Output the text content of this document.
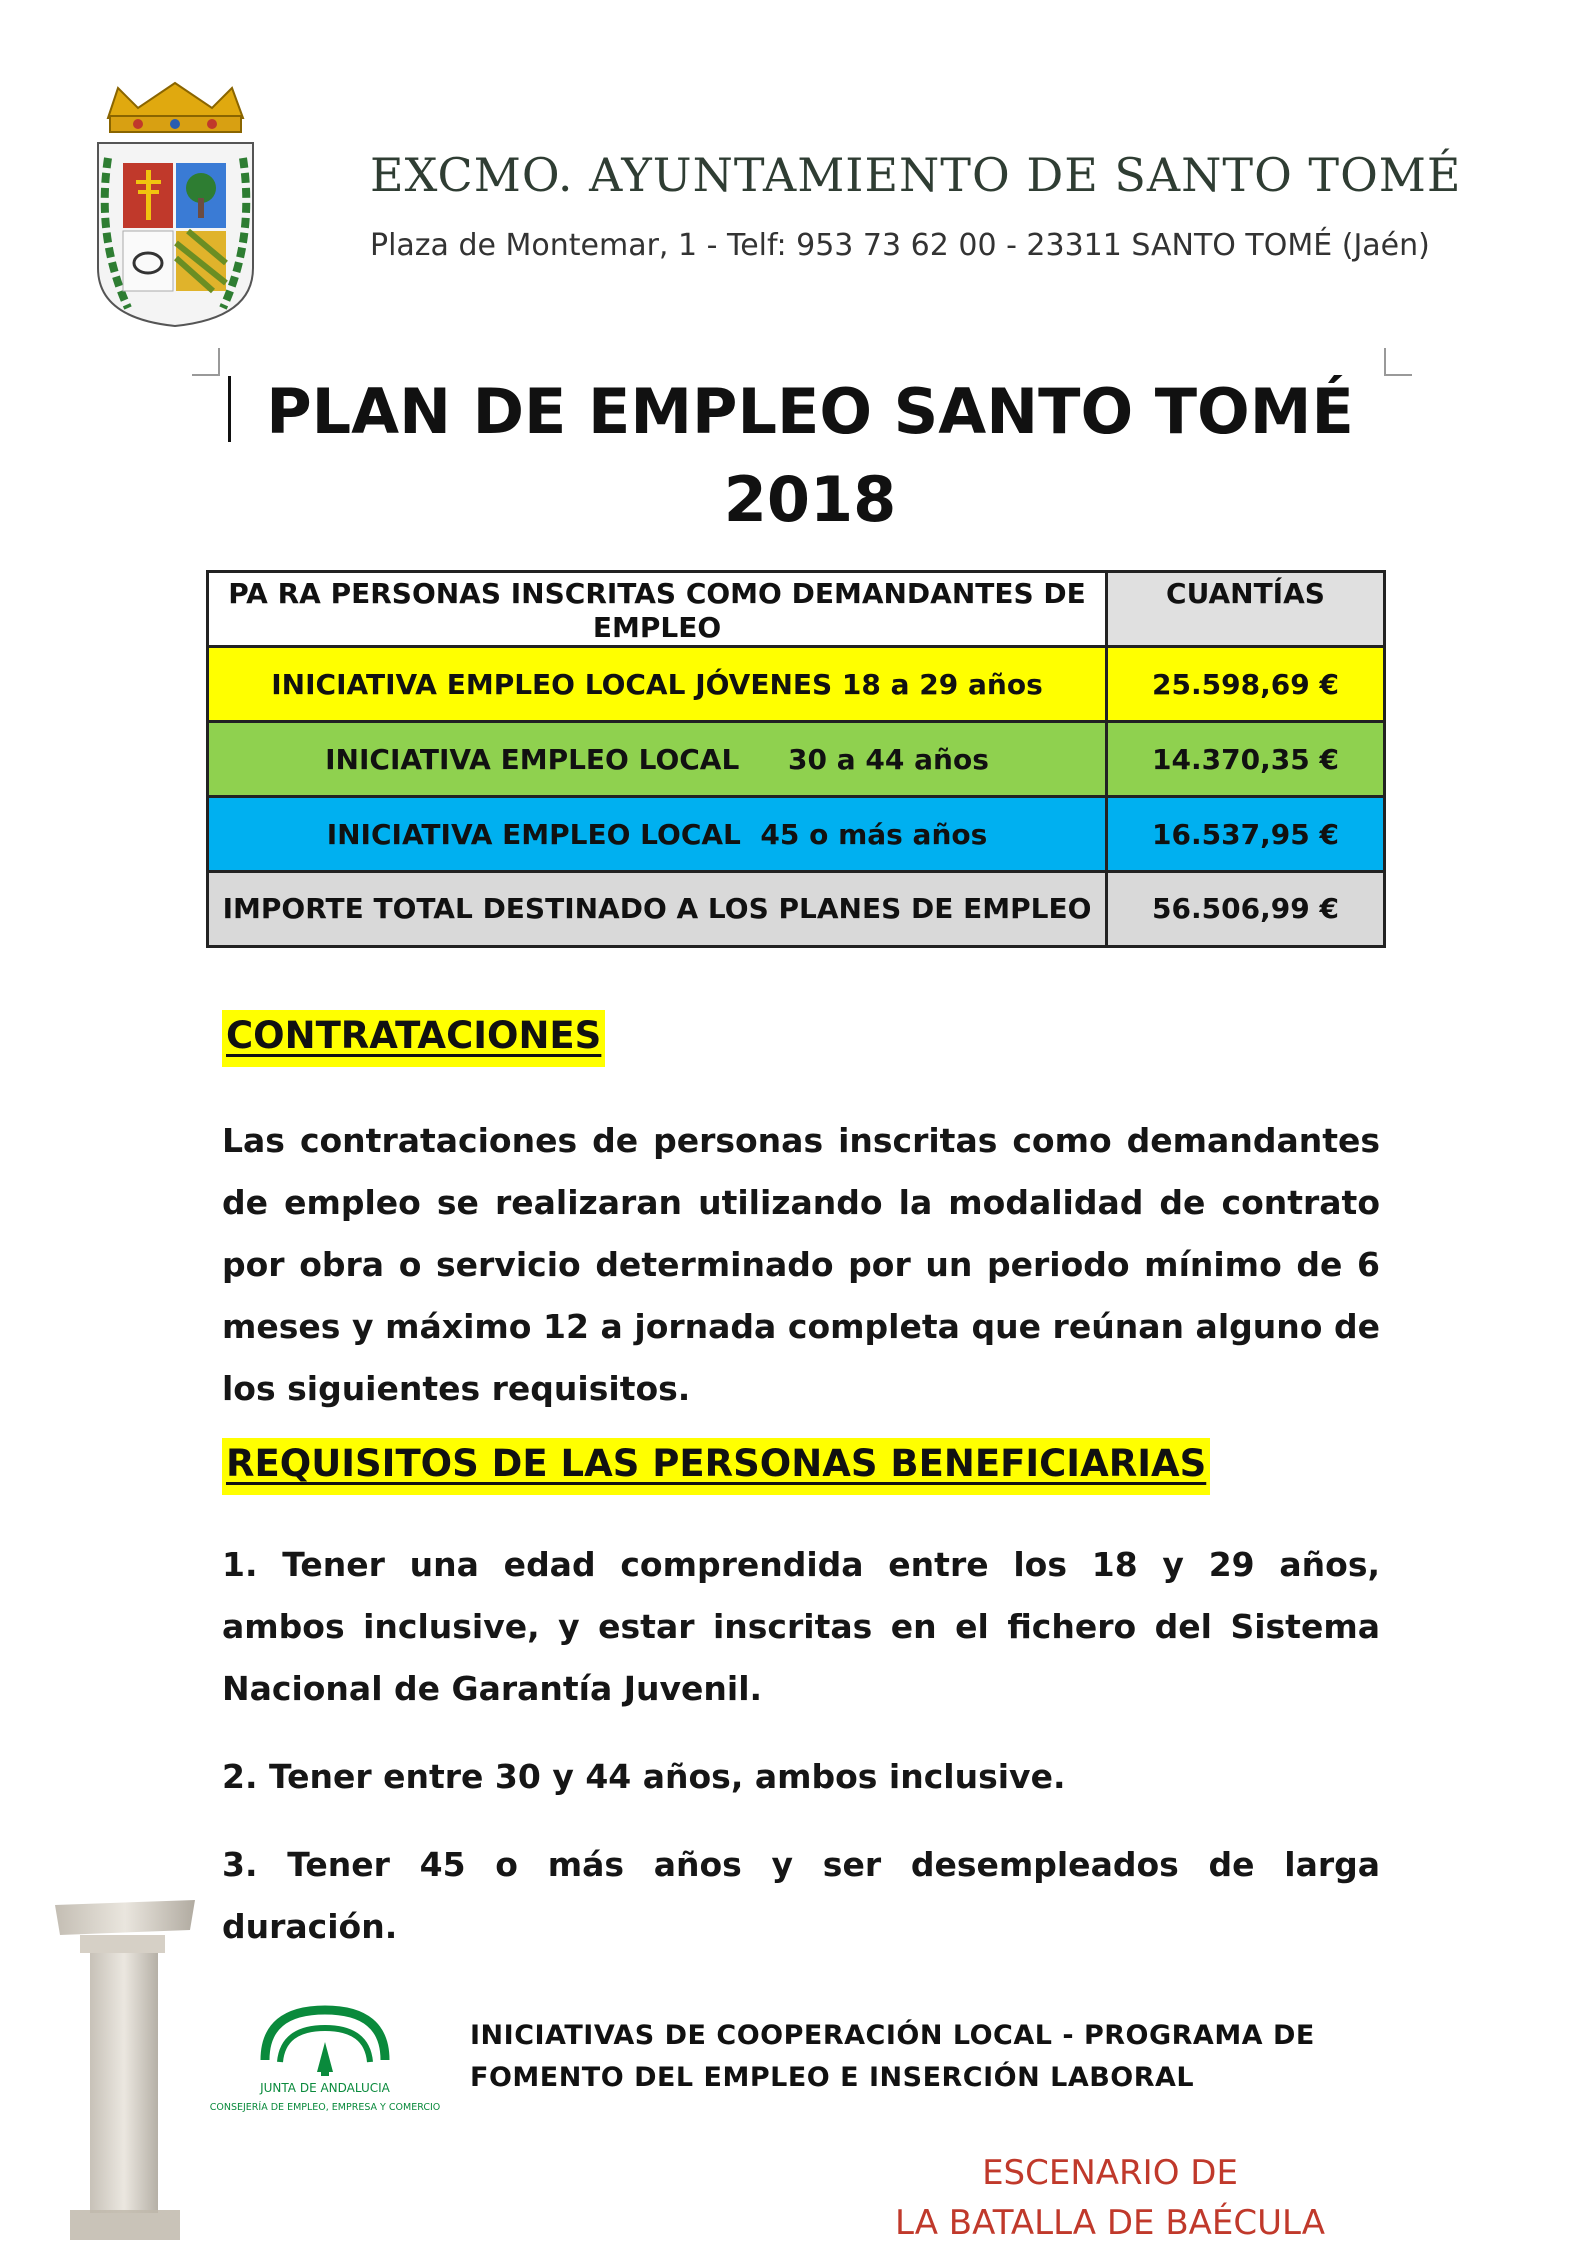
EXCMO. AYUNTAMIENTO DE SANTO TOMÉ
Plaza de Montemar, 1 - Telf: 953 73 62 00 - 23311 SANTO TOMÉ (Jaén)
PLAN DE EMPLEO SANTO TOMÉ
2018
PA RA PERSONAS INSCRITAS COMO DEMANDANTES DE EMPLEO	CUANTÍAS
INICIATIVA EMPLEO LOCAL JÓVENES 18 a 29 años	25.598,69 €
INICIATIVA EMPLEO LOCAL     30 a 44 años	14.370,35 €
INICIATIVA EMPLEO LOCAL  45 o más años	16.537,95 €
IMPORTE TOTAL DESTINADO A LOS PLANES DE EMPLEO	56.506,99 €
CONTRATACIONES
Las contrataciones de personas inscritas como demandantes de empleo se realizaran utilizando la modalidad de contrato por obra o servicio determinado por un periodo mínimo de 6 meses y máximo 12 a jornada completa que reúnan alguno de los siguientes requisitos.
REQUISITOS DE LAS PERSONAS BENEFICIARIAS
1. Tener una edad comprendida entre los 18 y 29 años, ambos inclusive, y estar inscritas en el fichero del Sistema Nacional de Garantía Juvenil.
2. Tener entre 30 y 44 años, ambos inclusive.
3. Tener 45 o más años y ser desempleados de larga duración.
JUNTA DE ANDALUCIA
CONSEJERÍA DE EMPLEO, EMPRESA Y COMERCIO
INICIATIVAS DE COOPERACIÓN LOCAL - PROGRAMA DE
FOMENTO DEL EMPLEO E INSERCIÓN LABORAL
ESCENARIO DE
LA BATALLA DE BAÉCULA
